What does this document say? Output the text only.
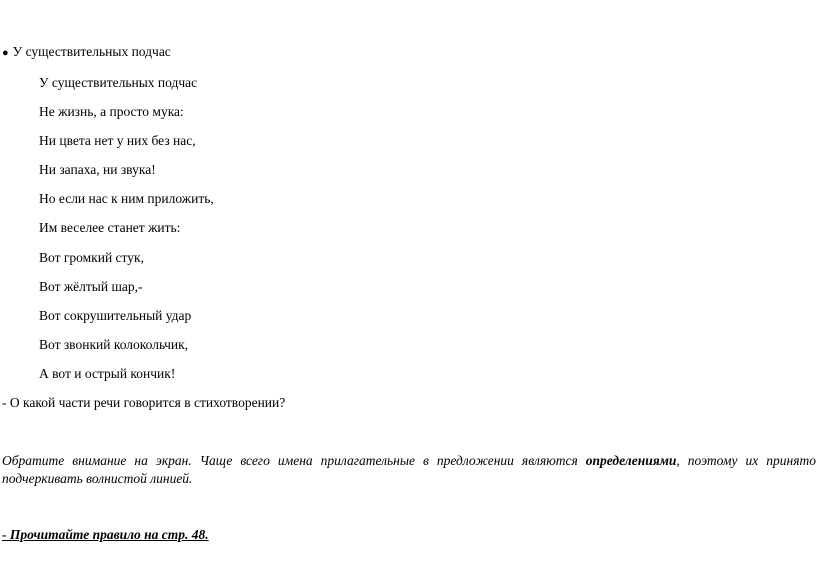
● У существительных подчас
У существительных подчас
Не жизнь, а просто мука:
Ни цвета нет у них без нас,
Ни запаха, ни звука!
Но если нас к ним приложить,
Им веселее станет жить:
Вот громкий стук,
Вот жёлтый шар,-
Вот сокрушительный удар
Вот звонкий колокольчик,
А вот и острый кончик!
- О какой части речи говорится в стихотворении?
Обратите внимание на экран. Чаще всего имена прилагательные в предложении являются определениями, поэтому их принято подчеркивать волнистой линией.
- Прочитайте правило на стр. 48.
